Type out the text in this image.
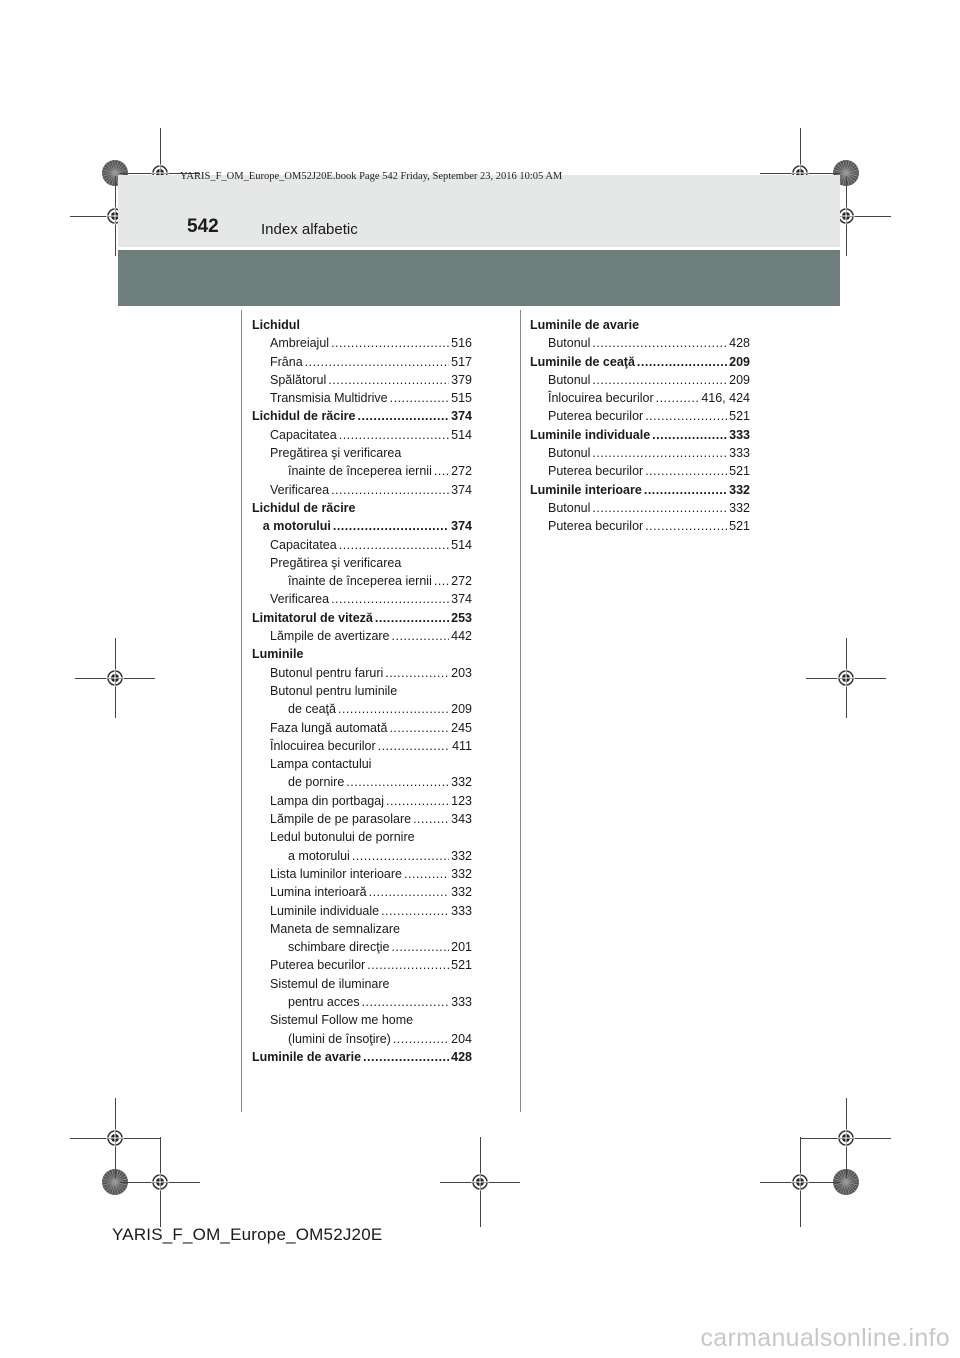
YARIS_F_OM_Europe_OM52J20E.book Page 542 Friday, September 23, 2016 10:05 AM
542	Index alfabetic
Lichidul
Ambreiajul .....	516
Frâna .....	517
Spălătorul .....	379
Transmisia Multidrive .....	515
Lichidul de răcire .....	374
Capacitatea .....	514
Pregătirea şi verificarea
înainte de începerea iernii ..... 272
Verificarea .....	374
Lichidul de răcire
a motorului .....	374
Capacitatea .....	514
Pregătirea şi verificarea
înainte de începerea iernii ..... 272
Verificarea .....	374
Limitatorul de viteză .....	253
Lămpile de avertizare .....	442
Luminile
Butonul pentru faruri .....	203
Butonul pentru luminile
de ceaţă .....	209
Faza lungă automată .....	245
Înlocuirea becurilor .....	411
Lampa contactului
de pornire .....	332
Lampa din portbagaj .....	123
Lămpile de pe parasolare .....	343
Ledul butonului de pornire
a motorului .....	332
Lista luminilor interioare .....	332
Lumina interioară .....	332
Luminile individuale .....	333
Maneta de semnalizare
schimbare direcţie .....	201
Puterea becurilor .....	521
Sistemul de iluminare
pentru acces .....	333
Sistemul Follow me home
(lumini de însoţire) .....	204
Luminile de avarie .....	428
Luminile de avarie
Butonul .....	428
Luminile de ceaţă .....	209
Butonul .....	209
Înlocuirea becurilor .....	416, 424
Puterea becurilor .....	521
Luminile individuale .....	333
Butonul .....	333
Puterea becurilor .....	521
Luminile interioare .....	332
Butonul .....	332
Puterea becurilor .....	521
YARIS_F_OM_Europe_OM52J20E
carmanualsonline.info
